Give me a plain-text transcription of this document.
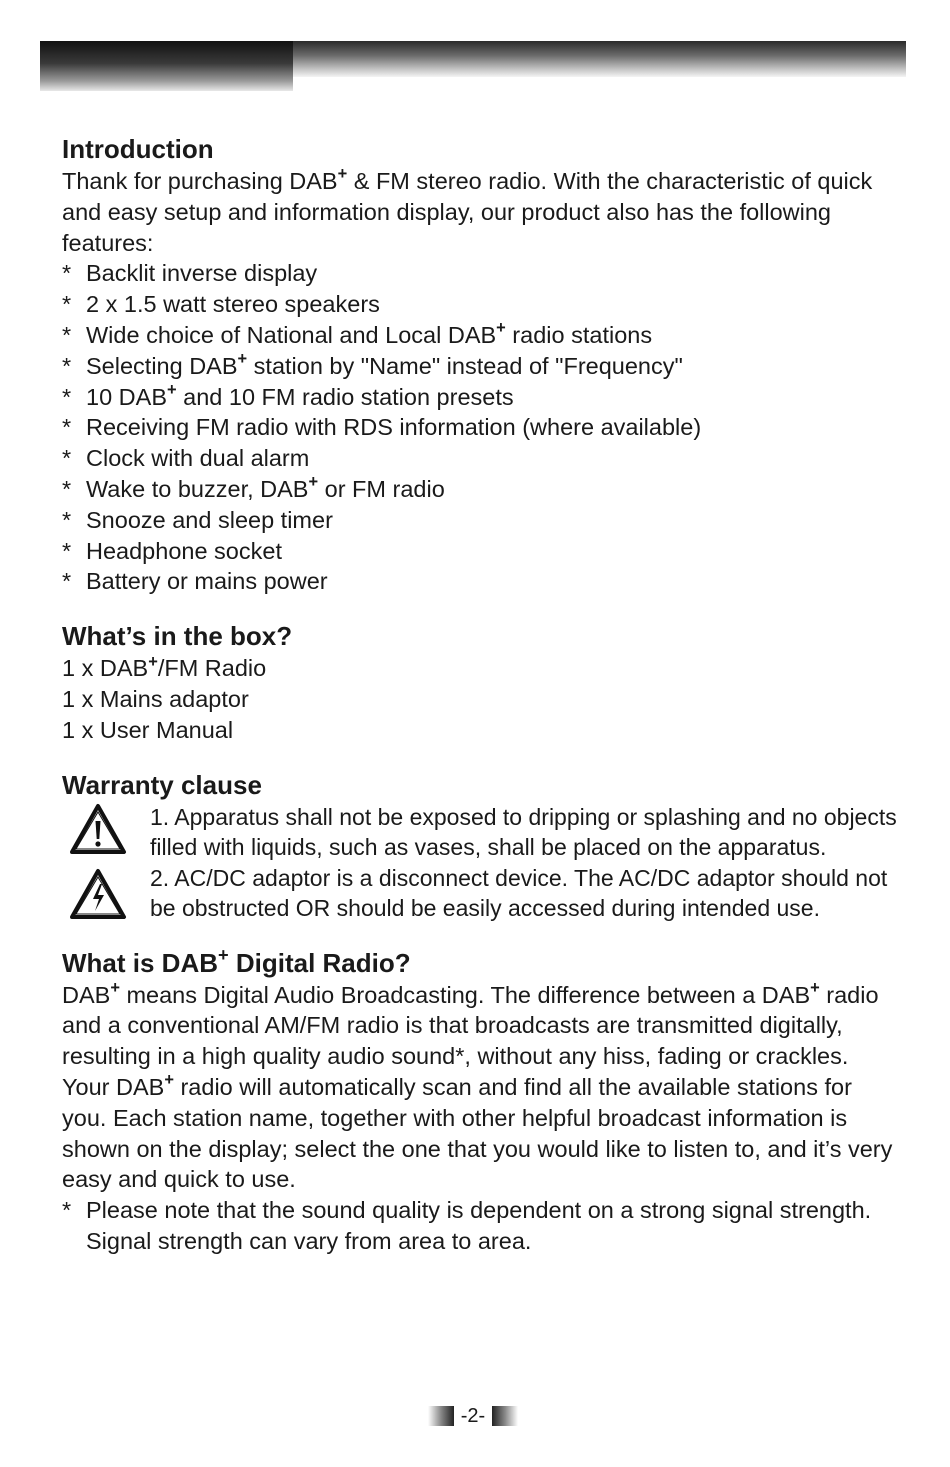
Introduction

Thank for purchasing DAB+ & FM stereo radio. With the characteristic of quick and easy setup and information display, our product also has the following features:

* Backlit inverse display
* 2 x 1.5 watt stereo speakers
* Wide choice of National and Local DAB+ radio stations
* Selecting DAB+ station by "Name" instead of "Frequency"
* 10 DAB+ and 10 FM radio station presets
* Receiving FM radio with RDS information (where available)
* Clock with dual alarm
* Wake to buzzer, DAB+ or FM radio
* Snooze and sleep timer
* Headphone socket
* Battery or mains power
What’s in the box?
1 x DAB+/FM Radio
1 x Mains adaptor
1 x User Manual
Warranty clause

1. Apparatus shall not be exposed to dripping or splashing and no objects filled with liquids, such as vases, shall be placed on the apparatus.

2. AC/DC adaptor is a disconnect device. The AC/DC adaptor should not be obstructed OR should be easily accessed during intended use.

What is DAB+ Digital Radio?

DAB+ means Digital Audio Broadcasting. The difference between a DAB+ radio and a conventional AM/FM radio is that broadcasts are transmitted digitally, resulting in a high quality audio sound*, without any hiss, fading or crackles.

Your DAB+ radio will automatically scan and find all the available stations for you. Each station name, together with other helpful broadcast information is shown on the display; select the one that you would like to listen to, and it’s very easy and quick to use.

* Please note that the sound quality is dependent on a strong signal strength. Signal strength can vary from area to area.
-2-
